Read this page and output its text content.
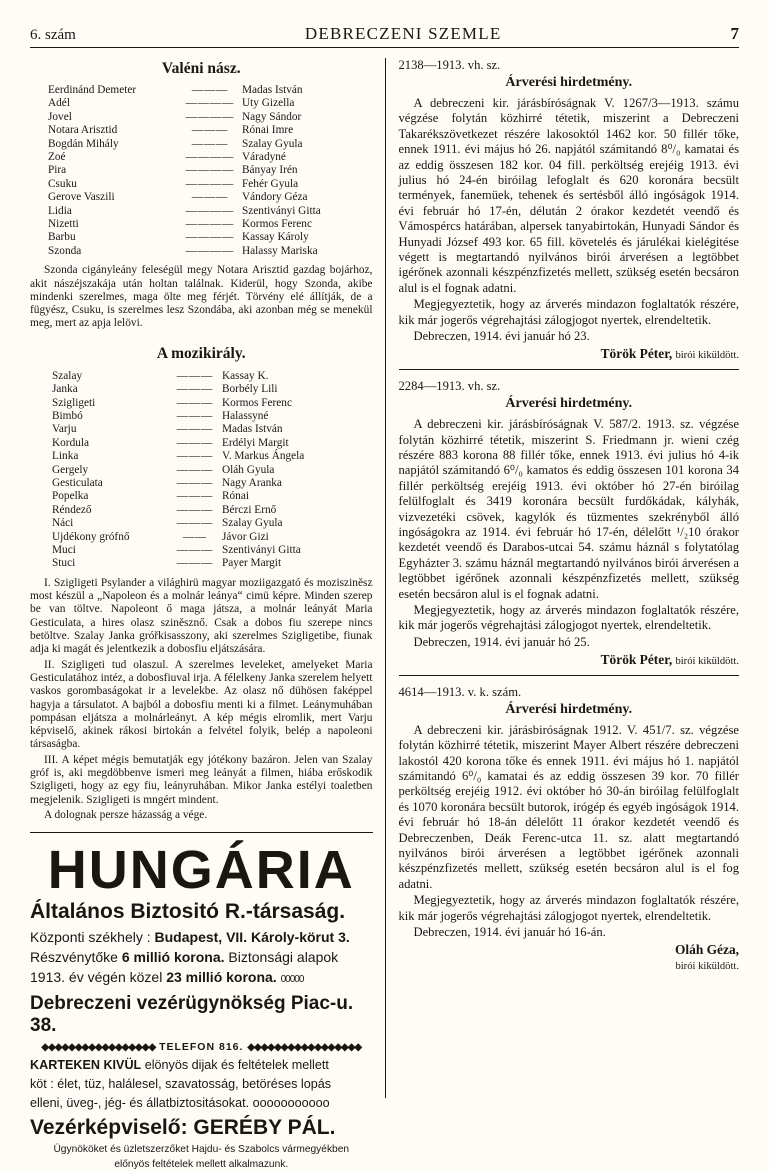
6. szám	DEBRECZENI SZEMLE	7
Valéni nász.
Eerdinánd Demeter	— — —	Madas István
Adél	— — — —	Uty Gizella
Jovel	— — — —	Nagy Sándor
Notara Arisztid	— — —	Rónai Imre
Bogdán Mihály	— — —	Szalay Gyula
Zoé	— — — —	Váradyné
Pira	— — — —	Bányay Irén
Csuku	— — — —	Fehér Gyula
Gerove Vaszili	— — —	Vándory Géza
Lidia	— — — —	Szentiványi Gitta
Nizetti	— — — —	Kormos Ferenc
Barbu	— — — —	Kassay Károly
Szonda	— — — —	Halassy Mariska

Szonda cigányleány feleségül megy Notara Arisztid gazdag bojárhoz, akit nászéjszakája után holtan találnak. Kiderül, hogy Szonda, akibe mindenki szerelmes, maga ölte meg férjét. Törvény elé állítják, de a fügyész, Csuku, is szerelmes lesz Szondába, aki azonban még se menekül meg, mert az apja lelövi.

A mozikirály.
Szalay	— — —	Kassay K.
Janka	— — —	Borbély Lili
Szigligeti	— — —	Kormos Ferenc
Bimbó	— — —	Halassyné
Varju	— — —	Madas István
Kordula	— — —	Erdélyi Margit
Linka	— — —	V. Markus Ángela
Gergely	— — —	Oláh Gyula
Gesticulata	— — —	Nagy Aranka
Popelka	— — —	Rónai
Réndező	— — —	Bérczi Ernő
Náci	— — —	Szalay Gyula
Ujdékony grófnő	— —	Jávor Gizi
Muci	— — —	Szentiványi Gitta
Stuci	— — —	Payer Margit

I. Szigligeti Psylander a világhirü magyar moziigazgató és mozisziněsz most készül a „Napoleon és a molnár leánya“ cimü képre. Minden szerep be van töltve. Napoleont ő maga játsza, a molnár leányát Maria Gesticulata, a hires olasz sziněsznő. Csak a dobos fiu szerepe nincs betöltve. Szalay Janka gróřkisasszony, aki szerelmes Szigligetibe, fiunak adja ki magát és jelentkezik a dobosfiu eljátszására.

II. Szigligeti tud olaszul. A szerelmes leveleket, amelyeket Maria Gesticulatához intéz, a dobosfiuval irja. A félelkeny Janka szerelem helyett vaskos gorombaságokat ir a levelekbe. Az olasz nő dühösen faképpel hagyja a társulatot. A bajból a dobosfiu menti ki a filmet. Leánymuhában pompásan eljátsza a molnárleányt. A kép mégis elromlik, mert Varju képviselő, akinek rákosi birtokán a felvétel folyik, belép a napoleoni társaságba.

III. A képet mégis bemutatják egy jótékony bazáron. Jelen van Szalay gróf is, aki megdöbbenve ismeri meg leányát a filmen, hiába erőskodik Szigligeti, hogy az egy fiu, leányruhában. Mikor Janka estélyi toaletben megjelenik. Szigligeti is mngért mindent.

A dolognak persze házasság a vége.

HUNGÁRIA
Általános Biztositó R.-társaság.
Központi székhely : Budapest, VII. Károly-körut 3.
Részvénytőke 6 millió korona. Biztonsági alapok
1913. év végén közel 23 millió korona. 00000
Debreczeni vezérügynökség Piac-u. 38.
◆◆◆◆◆◆◆◆◆◆◆◆◆◆◆◆◆ TELEFON 816. ◆◆◆◆◆◆◆◆◆◆◆◆◆◆◆◆◆
KARTEKEN KIVÜL elönyös dijak és feltételek mellett
köt : élet, tüz, halálesel, szavatosság, betöréses lopás
elleni, üveg-, jég- és állatbiztositásokat. ooooooooooo
Vezérképviselő: GERÉBY PÁL.
Ügynököket és üzletszerzőket Hajdu- és Szabolcs vármegyékben
előnyös feltételek mellett alkalmazunk.
2138—1913. vh. sz.
Árverési hirdetmény.

A debreczeni kir. járásbíróságnak V. 1267/3—1913. számu végzése folytán közhirré tétetik, miszerint a Debreczeni Takarékszövetkezet részére lakosoktól 1462 kor. 50 fillér tőke, ennek 1911. évi május hó 26. napjától számitandó 8⁰/₀ kamatai és az eddig összesen 182 kor. 04 fill. perköltség erejéig 1913. évi julius hó 24-én biróilag lefoglalt és 620 koronára becsült termények, fanemüek, tehenek és sertésből álló ingóságok 1914. évi február hó 17-én, délután 2 órakor kezdetét veendő és Vámospércs határában, alpersek tanyabirtokán, Hunyadi Sándor és Hunyadi József 493 kor. 65 fill. követelés és járulékai kielégitése végett is megtartandó nyilvános birói árverésen a legtöbbet igérőnek azonnali készpénzfizetés mellett, szükség esetén becsáron alul is el fognak adatni.

Megjegyeztetik, hogy az árverés mindazon foglaltatók részére, kik már jogerős végrehajtási zálogjogot nyertek, elrendeltetik.

Debreczen, 1914. évi január hó 23.

Török Péter, birói kiküldött.

2284—1913. vh. sz.
Árverési hirdetmény.

A debreczeni kir. járásbíróságnak V. 587/2. 1913. sz. végzése folytán közhirré tétetik, miszerint S. Friedmann jr. wieni czég részére 883 korona 88 fillér tőke, ennek 1913. évi julius hó 4-ik napjától számitandó 6⁰/₀ kamatos és eddig összesen 101 korona 34 fillér perköltség erejéig 1913. évi október hó 27-én biróilag felülfoglalt és 3419 koronára becsült furdőkádak, kályhák, vizvezetéki csövek, kagylók és tüzmentes szekrényből álló ingóságokra az 1914. évi február hó 17-én, délelőtt ¹/₂10 órakor kezdetét veendő és Darabos-utcai 54. számu háznál s folytatólag Egyházter 3. számu háznál megtartandó nyilvános birói árverésen a legtöbbet igérőnek azonnali készpénzfizetés mellett, szükség esetén becsáron alul is el fognak adatni.

Megjegyeztetik, hogy az árverés mindazon foglaltatók részére, kik már jogerős végrehajtási zálogjogot nyertek, elrendeltetik.

Debreczen, 1914. évi január hó 25.

Török Péter, birói kiküldött.

4614—1913. v. k. szám.
Árverési hirdetmény.

A debreczeni kir. járásbiróságnak 1912. V. 451/7. sz. végzése folytán közhirré tétetik, miszerint Mayer Albert részére debreczeni lakostól 420 korona tőke és ennek 1911. évi május hó 1. napjától számitandó 6⁰/₀ kamatai és az eddig összesen 39 kor. 70 fillér perköltség erejéig 1912. évi október hó 30-án biróilag felülfoglalt és 1070 koronára becsült butorok, irógép és egyéb ingóságok 1914. évi február hó 18-án délelőtt 11 órakor kezdetét veendő és Debreczenben, Deák Ferenc-utca 11. sz. alatt megtartandó nyilvános birói árverésen a legtöbbet igérőnek azonnali készpénzfizetés mellett, szükség esetén becsáron alul is el fog adatni.

Megjegyeztetik, hogy az árverés mindazon foglaltatók részére, kik már jogerős végrehajtási zálogjogot nyertek, elrendeltetik.

Debreczen, 1914. évi január hó 16-án.

Oláh Géza,
birói kiküldött.
